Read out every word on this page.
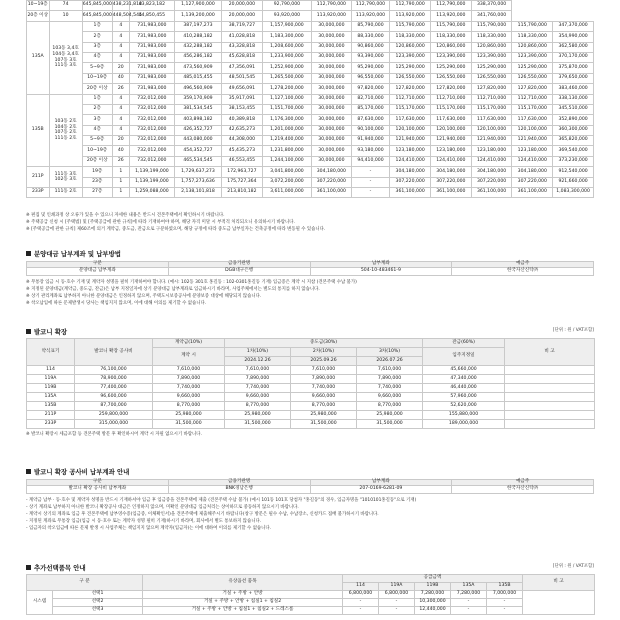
10~19층	74	645,845,000	438,231,818	43,823,182	1,127,900,000	20,000,000	92,790,000	112,790,000	112,790,000	112,790,000	112,790,000	338,370,000		
20층 이상	10	645,845,000	448,504,545	44,850,455	1,139,200,000	20,000,000	93,920,000	113,920,000	113,920,000	113,920,000	113,920,000	341,760,000		
135A	103동 3,4호
104동 3,4호
107동 3호
111동 3호	1층	4	731,983,000	387,197,273	38,719,727	1,157,900,000	30,000,000	85,790,000	115,790,000	115,790,000	115,790,000	115,790,000	347,370,000
		2층	4	731,983,000	410,288,182	41,028,818	1,183,300,000	30,000,000	88,330,000	118,330,000	118,330,000	118,330,000	118,330,000	354,990,000
		3층	4	731,983,000	432,288,182	43,328,818	1,208,600,000	30,000,000	90,860,000	120,860,000	120,860,000	120,860,000	120,860,000	362,580,000
		4층	4	731,983,000	456,286,182	45,628,818	1,233,900,000	30,000,000	93,390,000	123,390,000	123,390,000	123,390,000	123,390,000	370,170,000
		5~9층	20	731,983,000	473,560,909	47,356,091	1,252,900,000	30,000,000	95,290,000	125,290,000	125,290,000	125,290,000	125,290,000	375,870,000
		10~19층	40	731,983,000	485,015,455	48,501,545	1,265,500,000	30,000,000	96,550,000	126,550,000	126,550,000	126,550,000	126,550,000	379,650,000
		20층 이상	26	731,983,000	496,560,909	49,656,091	1,278,200,000	30,000,000	97,820,000	127,820,000	127,820,000	127,820,000	127,820,000	383,460,000
135B	103동 2호
104동 2호
107동 2호
111동 2호	1층	4	732,012,000	359,170,909	35,917,091	1,127,100,000	30,000,000	82,710,000	112,710,000	112,710,000	112,710,000	112,710,000	338,130,000
		2층	4	732,012,000	381,534,545	38,153,455	1,151,700,000	30,000,000	85,170,000	115,170,000	115,170,000	115,170,000	115,170,000	345,510,000
		3층	4	732,012,000	403,898,182	40,389,818	1,176,300,000	30,000,000	87,630,000	117,630,000	117,630,000	117,630,000	117,630,000	352,890,000
		4층	4	732,012,000	426,352,727	42,635,273	1,201,000,000	30,000,000	90,100,000	120,100,000	120,100,000	120,100,000	120,100,000	360,300,000
		5~9층	20	732,012,000	443,080,000	44,308,000	1,219,400,000	30,000,000	91,940,000	121,940,000	121,940,000	121,940,000	121,940,000	365,820,000
		10~19층	40	732,012,000	454,352,727	45,435,273	1,231,800,000	30,000,000	93,180,000	123,180,000	123,180,000	123,180,000	123,180,000	369,540,000
		20층 이상	26	732,012,000	465,534,545	46,553,455	1,244,100,000	30,000,000	94,410,000	124,410,000	124,410,000	124,410,000	124,410,000	373,230,000
211P	111동 3호
102동 3호	19층	1	1,139,199,000	1,729,637,273	172,963,727	3,041,800,000	304,180,000	-	304,180,000	304,180,000	304,180,000	304,180,000	912,540,000
		23층	1	1,139,199,000	1,757,273,636	175,727,364	3,072,200,000	307,220,000	-	307,220,000	307,220,000	307,220,000	307,220,000	921,660,000
233P	111동 2호	27층	1	1,259,088,000	2,138,101,818	213,810,182	3,611,000,000	361,100,000	-	361,100,000	361,100,000	361,100,000	361,100,000	1,083,300,000
※ 편집 및 인쇄과정 상 오류가 있을 수 있으니 자세한 내용은 반드시 견본주택에서 확인하시기 바랍니다.
※ 주택공급 신청 시 [주택법] 및 [주택공급에 관한 규칙]에 따라 기재하여야 하며, 해당 자격 미달 시 부적격 처리되오니 유의하시기 바랍니다.
※ [주택공급에 관한 규칙] 제60조에 의거 계약금, 중도금, 잔금으로 구분하였으며, 해당 규정에 따라 중도금 납부일자는 건축공정에 따라 변동될 수 있습니다.
분양대금 납부계좌 및 납부방법
구분	금융기관명	납부계좌	예금주
분양대금 납부계좌	DGB대구은행	504-10-483461-9	한국자산신탁㈜
※ 무통장 입금 시 동·호수 기재 및 계약자 성명을 필히 기재하여야 합니다. (예시: 102동 301호 홍길동 : 102-0301홍길동 기재) 입금증은 계약 시 지참 (견본주택 수납 불가)
※ 지정된 분양대금(계약금, 중도금, 잔금)은 납부 지정일자에 상기 분양대금 납부계좌로 입금하시기 바라며, 사업주체에서는 별도의 통지를 하지 않습니다.
※ 상기 관리계좌로 납부하지 아니한 분양대금은 인정하지 않으며, 주택도시보증공사에 분양보증 대상에 해당되지 않습니다.
※ 착오납입에 따른 문제발생시 당사는 책임지지 않으며, 이에 대해 이의를 제기할 수 없습니다.
발코니 확장	[단위 : 원 / VAT포함]
약식표기	발코니 확장 공사비	계약금(10%)	중도금(30%)			잔금(60%)	비 고
		계약 시	1차(10%)	2차(10%)	3차(10%)	입주지정일	
			2024.12.26	2025.09.26	2026.07.26		
114	76,100,000	7,610,000	7,610,000	7,610,000	7,610,000	45,660,000	
119A	78,900,000	7,890,000	7,890,000	7,890,000	7,890,000	47,340,000	
119B	77,400,000	7,740,000	7,740,000	7,740,000	7,740,000	46,440,000	
135A	96,600,000	9,660,000	9,660,000	9,660,000	9,660,000	57,960,000	
135B	87,700,000	8,770,000	8,770,000	8,770,000	8,770,000	52,620,000	
211P	259,800,000	25,980,000	25,980,000	25,980,000	25,980,000	155,880,000	
233P	315,000,000	31,500,000	31,500,000	31,500,000	31,500,000	189,000,000	
※ 발코니 확장시 세금포함 등 견본주택 방문 후 확인하시어 계약 시 자필 없으시기 바랍니다.
발코니 확장 공사비 납부계좌 안내
구분	금융기관명	납부계좌	예금주
발코니 확장 공사비 납부계좌	BNK경남은행	207-0169-6281-09	한국자산신탁㈜
- 계약금 납부 · 동·호수 및 계약자 성명을 반드시 기재하셔야 입금 후 입금증을 견본주택에 제출 (견본주택 수납 불가) (예시 101동 101호 당첨자 "홍길동"의 경우, 입금자명을 "1010101홍길동"으로 기재)
- 상기 계좌로 납부하지 아니한 발코니 확장공사 대금은 인정하지 않으며, 미확인 분양대금 입금처리는 상이하므로 중동하지 않으시기 바랍니다.
- 계약시 상기의 계좌로 입금 후 견본주택에 납부영수증(입금증, 이체확인서)을 견본주택에 제출해주시기 바랍니다(창구 방문은 필수 수납, 수납장소, 신청카드 접배 불가하시기 바랍니다.
- 지정된 계좌로 무통장 입금(입금 시 동·호수 또는 계약자 성명 필히 기재)하시기 바라며, 회사에서 별도 통보하지 않습니다.
- 입금자의 착오입금에 따른 문제 발생 시 사업주체는 책임지지 않으며 계약자(입금자)는 이에 대하여 이의를 제기할 수 없습니다.
추가선택품목 안내	[단위 : 원 / VAT포함]
구 분		유상옵션 품목	공급금액					비 고
			114	119A	119B	135A	135B	
시스템	선택1	거실 + 주방 + 안방	6,800,000	6,800,000	7,280,000	7,280,000	7,000,000	
	선택2	거실 + 주방 + 안방 + 침실1 + 침실2	-	-	10,300,000	-	-	
	선택3	거실 + 주방 + 안방 + 침실1 + 침실2 + 드레스룸	-	-	12,440,000	-	-	
